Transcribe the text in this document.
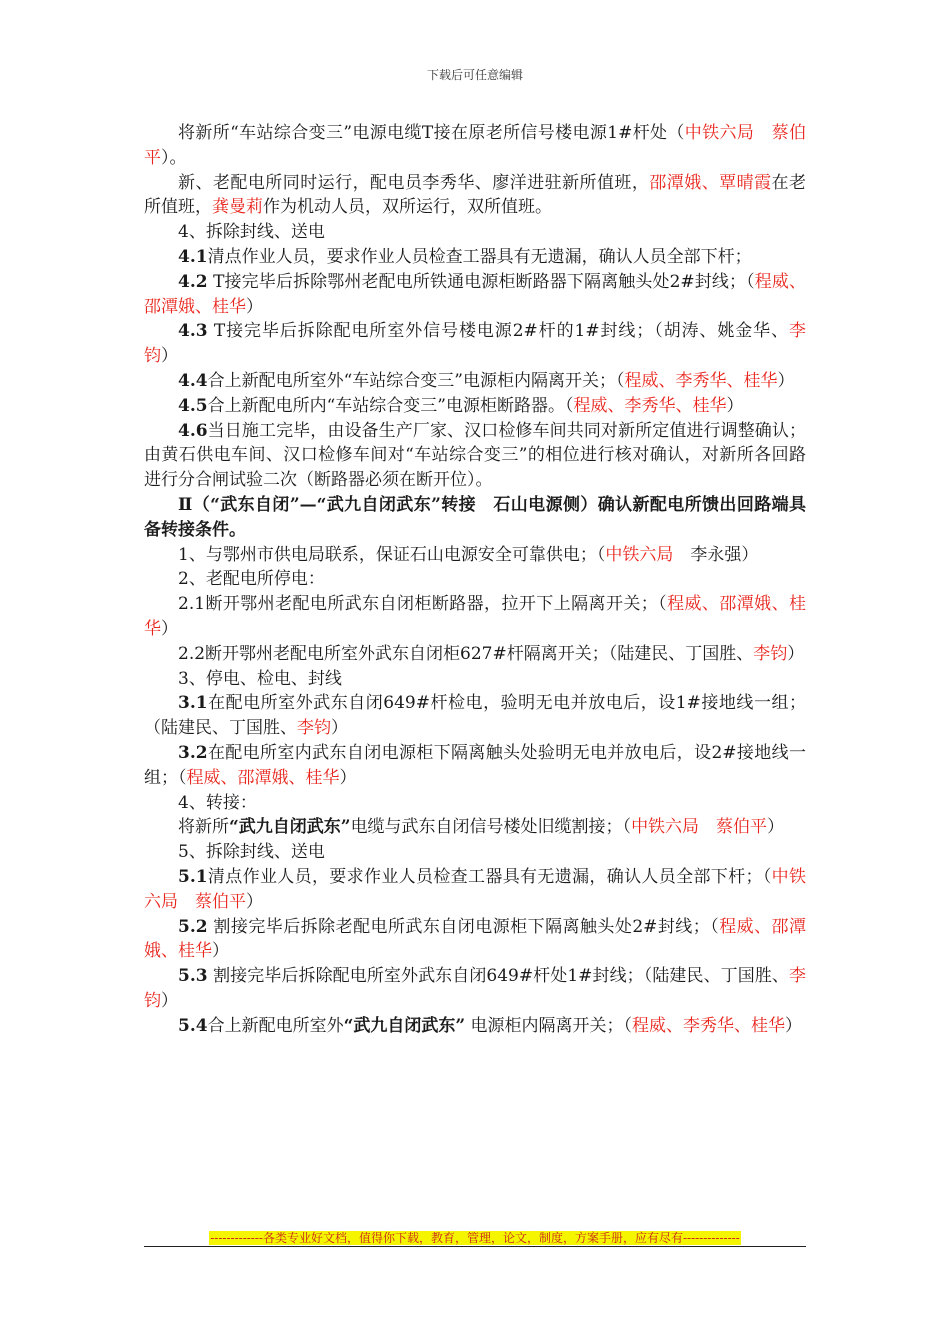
下载后可任意编辑

将新所“车站综合变三”电源电缆T接在原老所信号楼电源1#杆处（中铁六局　蔡伯平）。

新、老配电所同时运行，配电员李秀华、廖洋进驻新所值班，邵潭娥、覃晴霞在老所值班，龚曼莉作为机动人员，双所运行，双所值班。

4、拆除封线、送电

4.1清点作业人员，要求作业人员检查工器具有无遗漏，确认人员全部下杆；

4.2 T接完毕后拆除鄂州老配电所铁通电源柜断路器下隔离触头处2#封线；（程威、邵潭娥、桂华）

4.3 T接完毕后拆除配电所室外信号楼电源2#杆的1#封线；（胡涛、姚金华、李钧）

4.4合上新配电所室外“车站综合变三”电源柜内隔离开关；（程威、李秀华、桂华）

4.5合上新配电所内“车站综合变三”电源柜断路器。（程威、李秀华、桂华）

4.6当日施工完毕，由设备生产厂家、汉口检修车间共同对新所定值进行调整确认；由黄石供电车间、汉口检修车间对“车站综合变三”的相位进行核对确认，对新所各回路进行分合闸试验二次（断路器必须在断开位）。

Ⅱ（“武东自闭”—“武九自闭武东”转接　石山电源侧）确认新配电所馈出回路端具备转接条件。

1、与鄂州市供电局联系，保证石山电源安全可靠供电；（中铁六局　李永强）

2、老配电所停电：

2.1断开鄂州老配电所武东自闭柜断路器，拉开下上隔离开关；（程威、邵潭娥、桂华）

2.2断开鄂州老配电所室外武东自闭柜627#杆隔离开关；（陆建民、丁国胜、李钧）

3、停电、检电、封线

3.1在配电所室外武东自闭649#杆检电，验明无电并放电后，设1#接地线一组；（陆建民、丁国胜、李钧）

3.2在配电所室内武东自闭电源柜下隔离触头处验明无电并放电后，设2#接地线一组；（程威、邵潭娥、桂华）

4、转接：

将新所“武九自闭武东”电缆与武东自闭信号楼处旧缆割接；（中铁六局　蔡伯平）

5、拆除封线、送电

5.1清点作业人员，要求作业人员检查工器具有无遗漏，确认人员全部下杆；（中铁六局　蔡伯平）

5.2 割接完毕后拆除老配电所武东自闭电源柜下隔离触头处2#封线；（程威、邵潭娥、桂华）

5.3 割接完毕后拆除配电所室外武东自闭649#杆处1#封线；（陆建民、丁国胜、李钧）

5.4合上新配电所室外“武九自闭武东” 电源柜内隔离开关；（程威、李秀华、桂华）

-------------各类专业好文档，值得你下载，教育，管理，论文，制度，方案手册，应有尽有--------------
